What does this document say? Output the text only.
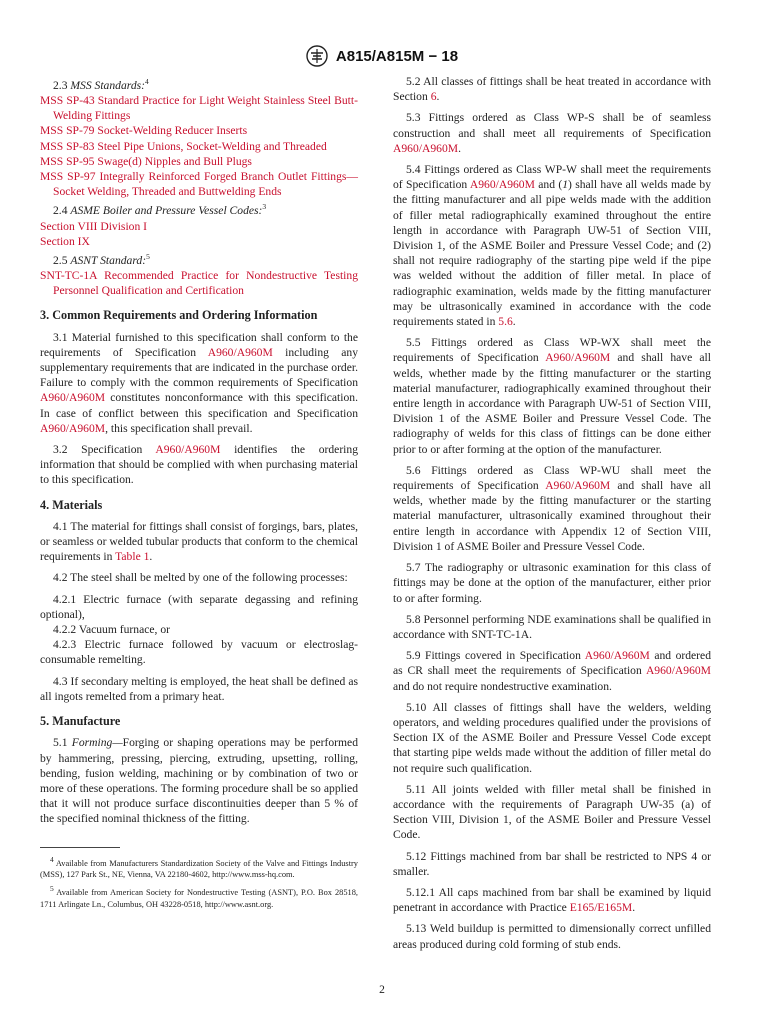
A815/A815M − 18

2.3 MSS Standards:$^4$

MSS SP-43 Standard Practice for Light Weight Stainless Steel Butt-Welding Fittings

MSS SP-79 Socket-Welding Reducer Inserts

MSS SP-83 Steel Pipe Unions, Socket-Welding and Threaded

MSS SP-95 Swage(d) Nipples and Bull Plugs

MSS SP-97 Integrally Reinforced Forged Branch Outlet Fittings—Socket Welding, Threaded and Buttwelding Ends

2.4 ASME Boiler and Pressure Vessel Codes:$^3$

Section VIII Division I

Section IX

2.5 ASNT Standard:$^5$

SNT-TC-1A Recommended Practice for Nondestructive Testing Personnel Qualification and Certification

3. Common Requirements and Ordering Information

3.1 Material furnished to this specification shall conform to the requirements of Specification A960/A960M including any supplementary requirements that are indicated in the purchase order. Failure to comply with the common requirements of Specification A960/A960M constitutes nonconformance with this specification. In case of conflict between this specification and Specification A960/A960M, this specification shall prevail.

3.2 Specification A960/A960M identifies the ordering information that should be complied with when purchasing material to this specification.

4. Materials

4.1 The material for fittings shall consist of forgings, bars, plates, or seamless or welded tubular products that conform to the chemical requirements in Table 1.

4.2 The steel shall be melted by one of the following processes:

4.2.1 Electric furnace (with separate degassing and refining optional),

4.2.2 Vacuum furnace, or

4.2.3 Electric furnace followed by vacuum or electroslag-consumable remelting.

4.3 If secondary melting is employed, the heat shall be defined as all ingots remelted from a primary heat.

5. Manufacture

5.1 Forming—Forging or shaping operations may be performed by hammering, pressing, piercing, extruding, upsetting, rolling, bending, fusion welding, machining or by combination of two or more of these operations. The forming procedure shall be so applied that it will not produce surface discontinuities deeper than 5 % of the specified nominal thickness of the fitting.

$^4$ Available from Manufacturers Standardization Society of the Valve and Fittings Industry (MSS), 127 Park St., NE, Vienna, VA 22180-4602, http://www.mss-hq.com.

$^5$ Available from American Society for Nondestructive Testing (ASNT), P.O. Box 28518, 1711 Arlingate Ln., Columbus, OH 43228-0518, http://www.asnt.org.

5.2 All classes of fittings shall be heat treated in accordance with Section 6.

5.3 Fittings ordered as Class WP-S shall be of seamless construction and shall meet all requirements of Specification A960/A960M.

5.4 Fittings ordered as Class WP-W shall meet the requirements of Specification A960/A960M and (1) shall have all welds made by the fitting manufacturer and all pipe welds made with the addition of filler metal radiographically examined throughout the entire length in accordance with Paragraph UW-51 of Section VIII, Division 1, of the ASME Boiler and Pressure Vessel Code; and (2) shall not require radiography of the starting pipe weld if the pipe was welded without the addition of filler metal. In place of radiographic examination, welds made by the fitting manufacturer may be ultrasonically examined in accordance with the code requirements stated in 5.6.

5.5 Fittings ordered as Class WP-WX shall meet the requirements of Specification A960/A960M and shall have all welds, whether made by the fitting manufacturer or the starting material manufacturer, radiographically examined throughout their entire length in accordance with Paragraph UW-51 of Section VIII, Division 1 of the ASME Boiler and Pressure Vessel Code. The radiography of welds for this class of fittings can be done either prior to or after forming at the option of the manufacturer.

5.6 Fittings ordered as Class WP-WU shall meet the requirements of Specification A960/A960M and shall have all welds, whether made by the fitting manufacturer or the starting material manufacturer, ultrasonically examined throughout their entire length in accordance with Appendix 12 of Section VIII, Division 1 of ASME Boiler and Pressure Vessel Code.

5.7 The radiography or ultrasonic examination for this class of fittings may be done at the option of the manufacturer, either prior to or after forming.

5.8 Personnel performing NDE examinations shall be qualified in accordance with SNT-TC-1A.

5.9 Fittings covered in Specification A960/A960M and ordered as CR shall meet the requirements of Specification A960/A960M and do not require nondestructive examination.

5.10 All classes of fittings shall have the welders, welding operators, and welding procedures qualified under the provisions of Section IX of the ASME Boiler and Pressure Vessel Code except that starting pipe welds made without the addition of filler metal do not require such qualification.

5.11 All joints welded with filler metal shall be finished in accordance with the requirements of Paragraph UW-35 (a) of Section VIII, Division 1, of the ASME Boiler and Pressure Vessel Code.

5.12 Fittings machined from bar shall be restricted to NPS 4 or smaller.

5.12.1 All caps machined from bar shall be examined by liquid penetrant in accordance with Practice E165/E165M.

5.13 Weld buildup is permitted to dimensionally correct unfilled areas produced during cold forming of stub ends.

2
